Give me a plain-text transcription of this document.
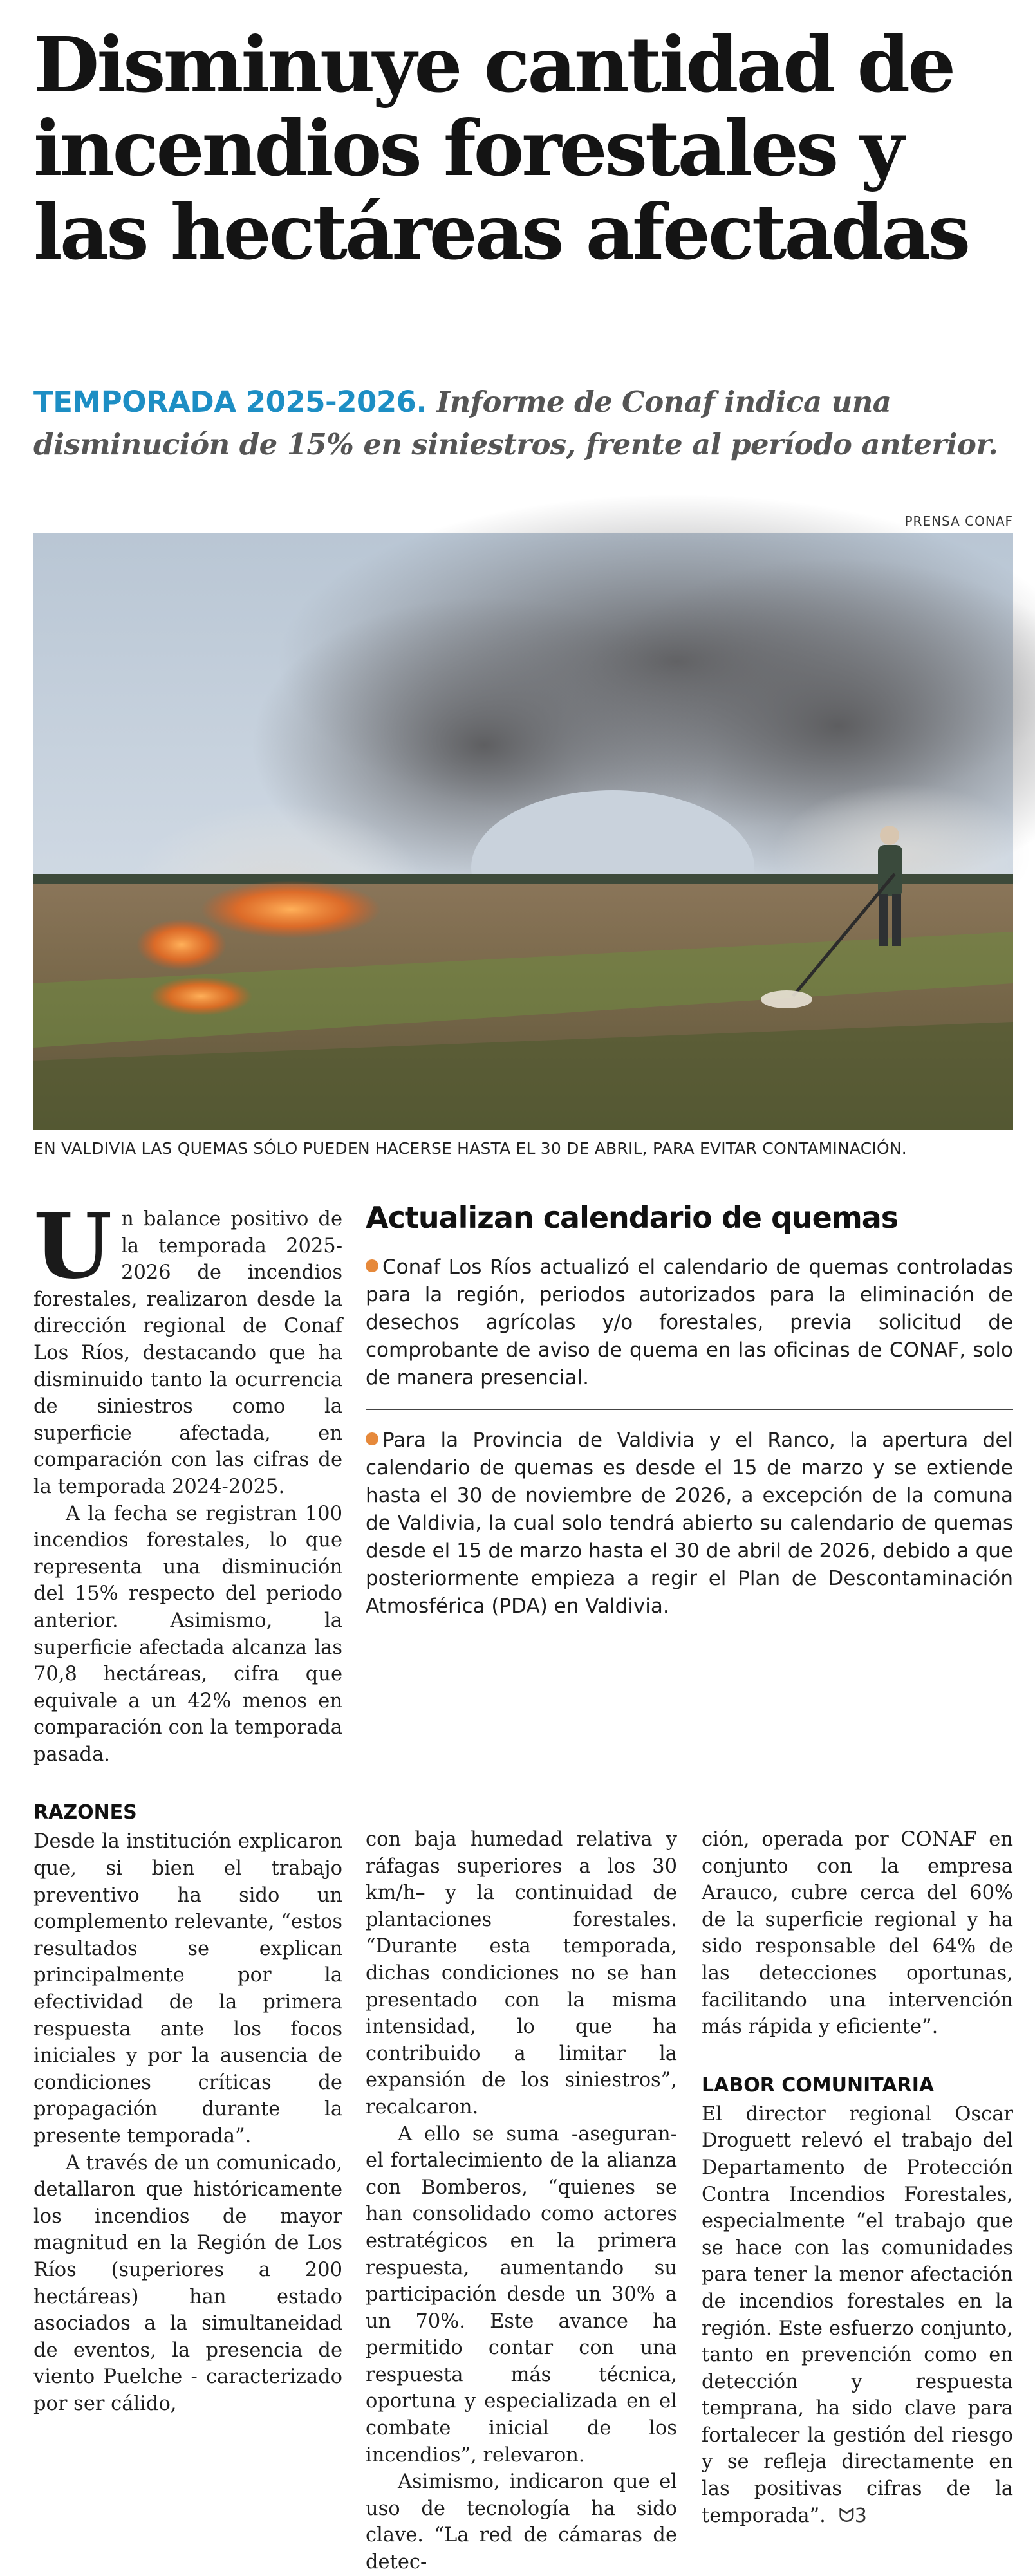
Disminuye cantidad de
incendios forestales y
las hectáreas afectadas
TEMPORADA 2025-2026. Informe de Conaf indica una disminución de 15% en siniestros, frente al período anterior.
PRENSA CONAF
EN VALDIVIA LAS QUEMAS SÓLO PUEDEN HACERSE HASTA EL 30 DE ABRIL, PARA EVITAR CONTAMINACIÓN.

Un balance positivo de la temporada 2025-2026 de incendios forestales, realizaron desde la dirección regional de Conaf Los Ríos, destacando que ha disminuido tanto la ocurrencia de siniestros como la superficie afectada, en comparación con las cifras de la temporada 2024-2025.

A la fecha se registran 100 incendios forestales, lo que representa una disminución del 15% respecto del periodo anterior. Asimismo, la superficie afectada alcanza las 70,8 hectáreas, cifra que equivale a un 42% menos en comparación con la temporada pasada.

RAZONES

Desde la institución explicaron que, si bien el trabajo preventivo ha sido un complemento relevante, “estos resultados se explican principalmente por la efectividad de la primera respuesta ante los focos iniciales y por la ausencia de condiciones críticas de propagación durante la presente temporada”.

A través de un comunicado, detallaron que históricamente los incendios de mayor magnitud en la Región de Los Ríos (superiores a 200 hectáreas) han estado asociados a la simultaneidad de eventos, la presencia de viento Puelche - caracterizado por ser cálido,

Actualizan calendario de quemas
Conaf Los Ríos actualizó el calendario de quemas controladas para la región, periodos autorizados para la eliminación de desechos agrícolas y/o forestales, previa solicitud de comprobante de aviso de quema en las oficinas de CONAF, solo de manera presencial.
Para la Provincia de Valdivia y el Ranco, la apertura del calendario de quemas es desde el 15 de marzo y se extiende hasta el 30 de noviembre de 2026, a excepción de la comuna de Valdivia, la cual solo tendrá abierto su calendario de quemas desde el 15 de marzo hasta el 30 de abril de 2026, debido a que posteriormente empieza a regir el Plan de Descontaminación Atmosférica (PDA) en Valdivia.

con baja humedad relativa y ráfagas superiores a los 30 km/h– y la continuidad de plantaciones forestales. “Durante esta temporada, dichas condiciones no se han presentado con la misma intensidad, lo que ha contribuido a limitar la expansión de los siniestros”, recalcaron.

A ello se suma -aseguran- el fortalecimiento de la alianza con Bomberos, “quienes se han consolidado como actores estratégicos en la primera respuesta, aumentando su participación desde un 30% a un 70%. Este avance ha permitido contar con una respuesta más técnica, oportuna y especializada en el combate inicial de los incendios”, relevaron.

Asimismo, indicaron que el uso de tecnología ha sido clave. “La red de cámaras de detec-

ción, operada por CONAF en conjunto con la empresa Arauco, cubre cerca del 60% de la superficie regional y ha sido responsable del 64% de las detecciones oportunas, facilitando una intervención más rápida y eficiente”.

LABOR COMUNITARIA

El director regional Oscar Droguett relevó el trabajo del Departamento de Protección Contra Incendios Forestales, especialmente “el trabajo que se hace con las comunidades para tener la menor afectación de incendios forestales en la región. Este esfuerzo conjunto, tanto en prevención como en detección y respuesta temprana, ha sido clave para fortalecer la gestión del riesgo y se refleja directamente en las positivas cifras de la temporada”. ᗢ3
